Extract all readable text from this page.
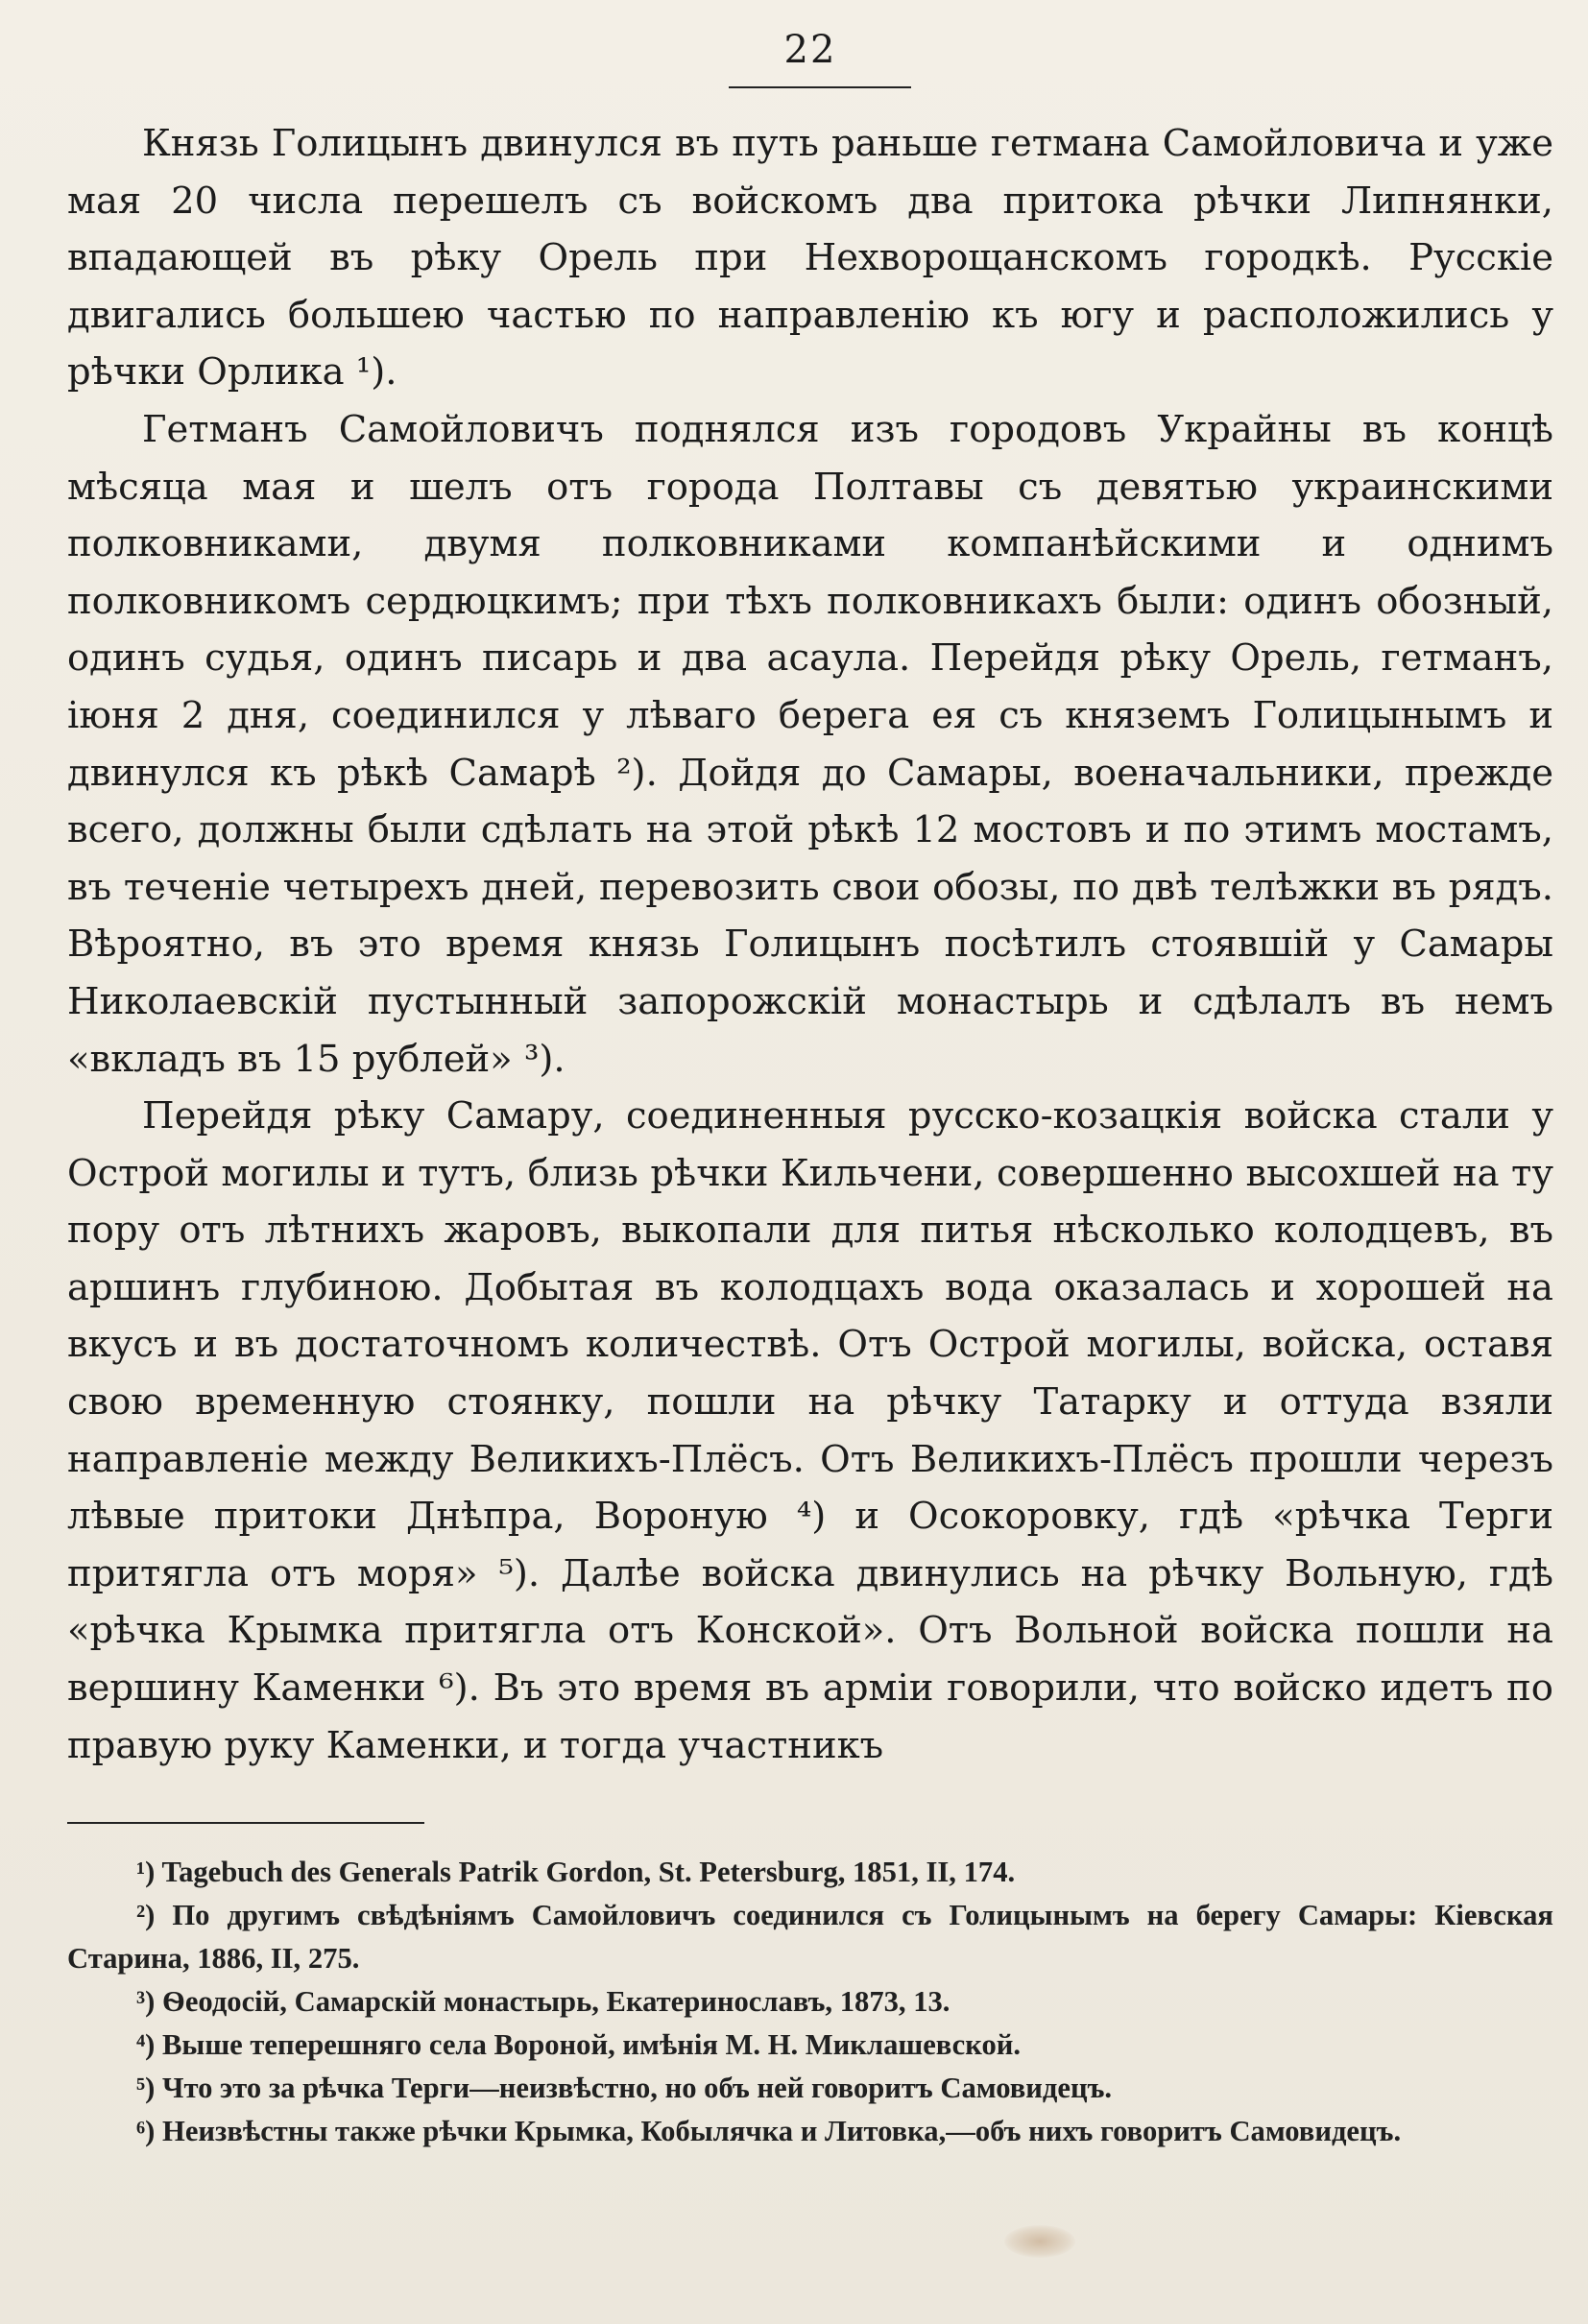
22

Князь Голицынъ двинулся въ путь раньше гетмана Самойловича и уже мая 20 числа перешелъ съ войскомъ два притока рѣчки Липнянки, впадающей въ рѣку Орель при Нехворощанскомъ городкѣ. Русскіе двигались большею частью по направленію къ югу и расположились у рѣчки Орлика ¹).

Гетманъ Самойловичъ поднялся изъ городовъ Украйны въ концѣ мѣсяца мая и шелъ отъ города Полтавы съ девятью украинскими полковниками, двумя полковниками компанѣйскими и однимъ полковникомъ сердюцкимъ; при тѣхъ полковникахъ были: одинъ обозный, одинъ судья, одинъ писарь и два асаула. Перейдя рѣку Орель, гетманъ, іюня 2 дня, соединился у лѣваго берега ея съ княземъ Голицынымъ и двинулся къ рѣкѣ Самарѣ ²). Дойдя до Самары, военачальники, прежде всего, должны были сдѣлать на этой рѣкѣ 12 мостовъ и по этимъ мостамъ, въ теченіе четырехъ дней, перевозить свои обозы, по двѣ телѣжки въ рядъ. Вѣроятно, въ это время князь Голицынъ посѣтилъ стоявшій у Самары Николаевскій пустынный запорожскій монастырь и сдѣлалъ въ немъ «вкладъ въ 15 рублей» ³).

Перейдя рѣку Самару, соединенныя русско-козацкія войска стали у Острой могилы и тутъ, близь рѣчки Кильчени, совершенно высохшей на ту пору отъ лѣтнихъ жаровъ, выкопали для питья нѣсколько колодцевъ, въ аршинъ глубиною. Добытая въ колодцахъ вода оказалась и хорошей на вкусъ и въ достаточномъ количествѣ. Отъ Острой могилы, войска, оставя свою временную стоянку, пошли на рѣчку Татарку и оттуда взяли направленіе между Великихъ-Плёсъ. Отъ Великихъ-Плёсъ прошли черезъ лѣвые притоки Днѣпра, Вороную ⁴) и Осокоровку, гдѣ «рѣчка Терги притягла отъ моря» ⁵). Далѣе войска двинулись на рѣчку Вольную, гдѣ «рѣчка Крымка притягла отъ Конской». Отъ Вольной войска пошли на вершину Каменки ⁶). Въ это время въ арміи говорили, что войско идетъ по правую руку Каменки, и тогда участникъ

¹) Tagebuch des Generals Patrik Gordon, St. Petersburg, 1851, II, 174.

²) По другимъ свѣдѣніямъ Самойловичъ соединился съ Голицынымъ на берегу Самары: Кіевская Старина, 1886, II, 275.

³) Ѳеодосій, Самарскій монастырь, Екатеринославъ, 1873, 13.

⁴) Выше теперешняго села Вороной, имѣнія М. Н. Миклашевской.

⁵) Что это за рѣчка Терги—неизвѣстно, но объ ней говоритъ Самовидецъ.

⁶) Неизвѣстны также рѣчки Крымка, Кобылячка и Литовка,—объ нихъ говоритъ Самовидецъ.
